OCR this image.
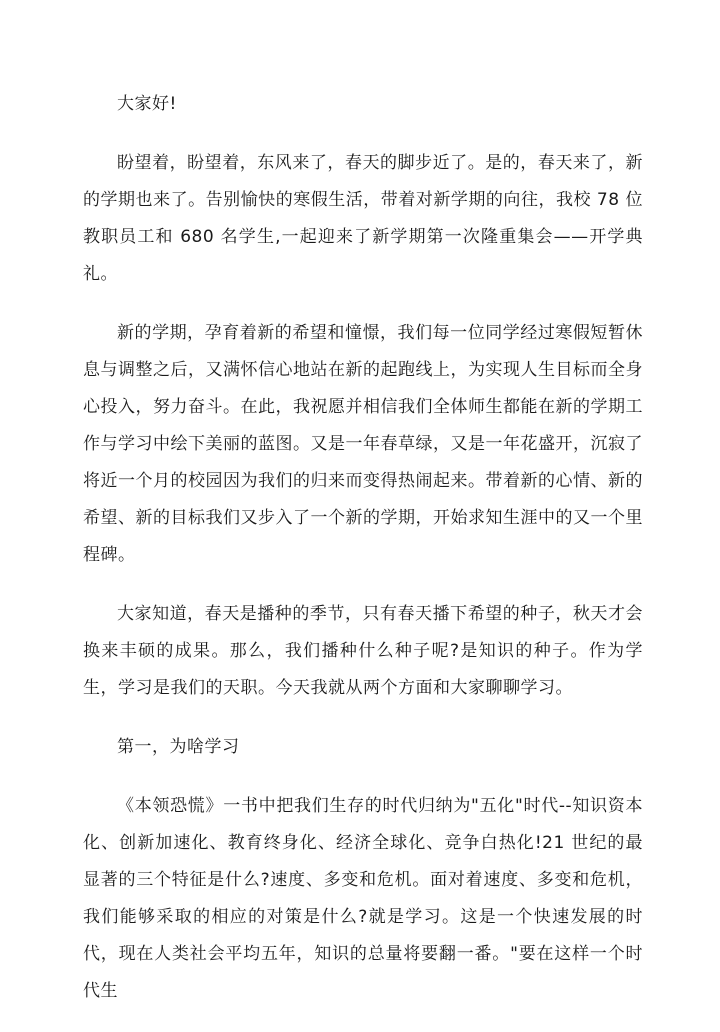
大家好!

盼望着，盼望着，东风来了，春天的脚步近了。是的，春天来了，新的学期也来了。告别愉快的寒假生活，带着对新学期的向往，我校 78 位教职员工和 680 名学生,一起迎来了新学期第一次隆重集会——开学典礼。

新的学期，孕育着新的希望和憧憬，我们每一位同学经过寒假短暂休息与调整之后，又满怀信心地站在新的起跑线上，为实现人生目标而全身心投入，努力奋斗。在此，我祝愿并相信我们全体师生都能在新的学期工作与学习中绘下美丽的蓝图。又是一年春草绿，又是一年花盛开，沉寂了将近一个月的校园因为我们的归来而变得热闹起来。带着新的心情、新的希望、新的目标我们又步入了一个新的学期，开始求知生涯中的又一个里程碑。

大家知道，春天是播种的季节，只有春天播下希望的种子，秋天才会换来丰硕的成果。那么，我们播种什么种子呢?是知识的种子。作为学生，学习是我们的天职。今天我就从两个方面和大家聊聊学习。

第一，为啥学习

《本领恐慌》一书中把我们生存的时代归纳为"五化"时代--知识资本化、创新加速化、教育终身化、经济全球化、竞争白热化!21 世纪的最显著的三个特征是什么?速度、多变和危机。面对着速度、多变和危机，我们能够采取的相应的对策是什么?就是学习。这是一个快速发展的时代，现在人类社会平均五年，知识的总量将要翻一番。"要在这样一个时代生
